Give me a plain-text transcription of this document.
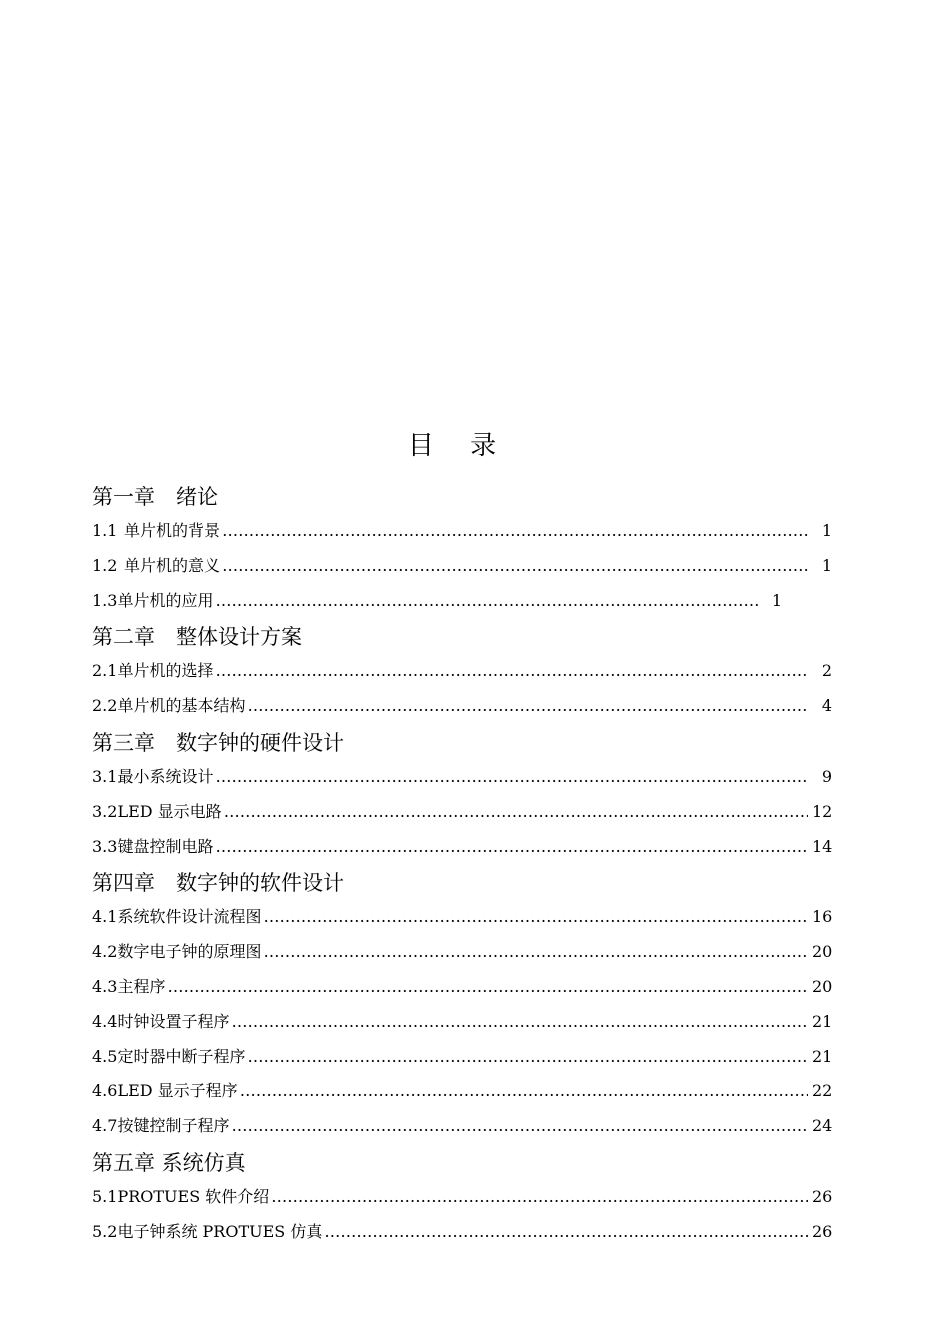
目 录
第一章　绪论
1.1 单片机的背景 …………………………………………………………………………………………………………………………………………………………………………	1
1.2 单片机的意义 …………………………………………………………………………………………………………………………………………………………………………	1
1.3 单片机的应用 …………………………………………………………………………………………………………………………………………………………………………	1
第二章　整体设计方案
2.1 单片机的选择 …………………………………………………………………………………………………………………………………………………………………………	2
2.2 单片机的基本结构 …………………………………………………………………………………………………………………………………………………………………………	4
第三章　数字钟的硬件设计
3.1 最小系统设计 …………………………………………………………………………………………………………………………………………………………………………	9
3.2 LED 显示电路 …………………………………………………………………………………………………………………………………………………………………………	12
3.3 键盘控制电路 …………………………………………………………………………………………………………………………………………………………………………	14
第四章　数字钟的软件设计
4.1 系统软件设计流程图 …………………………………………………………………………………………………………………………………………………………………………	16
4.2 数字电子钟的原理图 …………………………………………………………………………………………………………………………………………………………………………	20
4.3 主程序 …………………………………………………………………………………………………………………………………………………………………………	20
4.4 时钟设置子程序 …………………………………………………………………………………………………………………………………………………………………………	21
4.5 定时器中断子程序 …………………………………………………………………………………………………………………………………………………………………………	21
4.6 LED 显示子程序 …………………………………………………………………………………………………………………………………………………………………………	22
4.7 按键控制子程序 …………………………………………………………………………………………………………………………………………………………………………	24
第五章 系统仿真
5.1 PROTUES 软件介绍 …………………………………………………………………………………………………………………………………………………………………………	26
5.2 电子钟系统 PROTUES 仿真 …………………………………………………………………………………………………………………………………………………………………………	26
